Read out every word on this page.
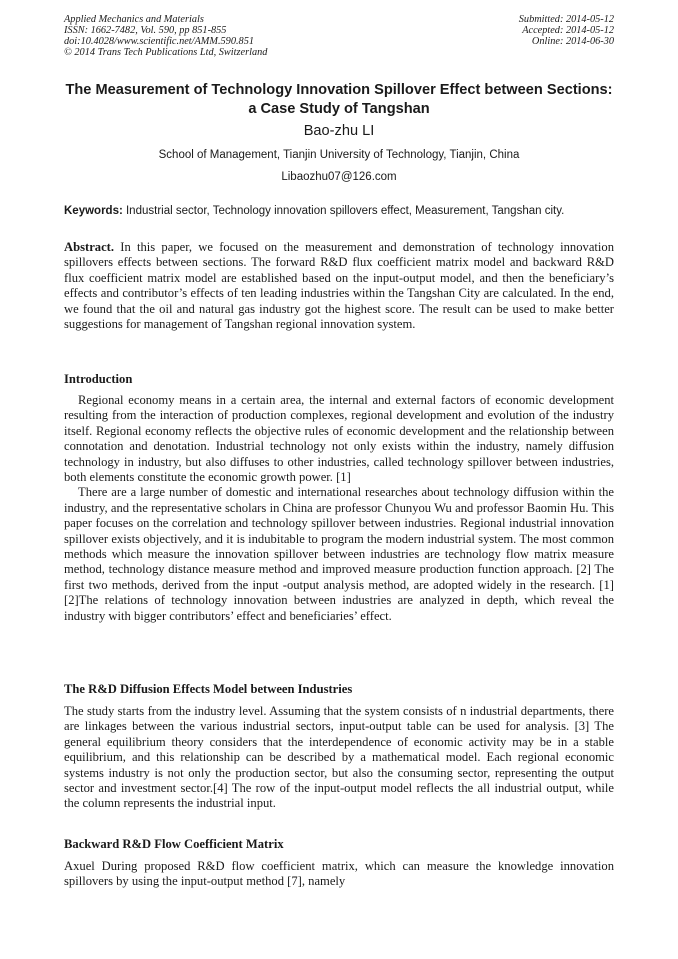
Applied Mechanics and Materials
ISSN: 1662-7482, Vol. 590, pp 851-855
doi:10.4028/www.scientific.net/AMM.590.851
© 2014 Trans Tech Publications Ltd, Switzerland
Submitted: 2014-05-12
Accepted: 2014-05-12
Online: 2014-06-30
The Measurement of Technology Innovation Spillover Effect between Sections: a Case Study of Tangshan
Bao-zhu LI
School of Management, Tianjin University of Technology, Tianjin, China
Libaozhu07@126.com
Keywords: Industrial sector, Technology innovation spillovers effect, Measurement, Tangshan city.

Abstract. In this paper, we focused on the measurement and demonstration of technology innovation spillovers effects between sections. The forward R&D flux coefficient matrix model and backward R&D flux coefficient matrix model are established based on the input-output model, and then the beneficiary’s effects and contributor’s effects of ten leading industries within the Tangshan City are calculated. In the end, we found that the oil and natural gas industry got the highest score. The result can be used to make better suggestions for management of Tangshan regional innovation system.

Introduction

Regional economy means in a certain area, the internal and external factors of economic development resulting from the interaction of production complexes, regional development and evolution of the industry itself. Regional economy reflects the objective rules of economic development and the relationship between connotation and denotation. Industrial technology not only exists within the industry, namely diffusion technology in industry, but also diffuses to other industries, called technology spillover between industries, both elements constitute the economic growth power. [1]

There are a large number of domestic and international researches about technology diffusion within the industry, and the representative scholars in China are professor Chunyou Wu and professor Baomin Hu. This paper focuses on the correlation and technology spillover between industries. Regional industrial innovation spillover exists objectively, and it is indubitable to program the modern industrial system. The most common methods which measure the innovation spillover between industries are technology flow matrix measure method, technology distance measure method and improved measure production function approach. [2] The first two methods, derived from the input -output analysis method, are adopted widely in the research. [1][2]The relations of technology innovation between industries are analyzed in depth, which reveal the industry with bigger contributors’ effect and beneficiaries’ effect.

The R&D Diffusion Effects Model between Industries

The study starts from the industry level. Assuming that the system consists of n industrial departments, there are linkages between the various industrial sectors, input-output table can be used for analysis. [3] The general equilibrium theory considers that the interdependence of economic activity may be in a stable equilibrium, and this relationship can be described by a mathematical model. Each regional economic systems industry is not only the production sector, but also the consuming sector, representing the output sector and investment sector.[4] The row of the input-output model reflects the all industrial output, while the column represents the industrial input.

Backward R&D Flow Coefficient Matrix

Axuel During proposed R&D flow coefficient matrix, which can measure the knowledge innovation spillovers by using the input-output method [7], namely
